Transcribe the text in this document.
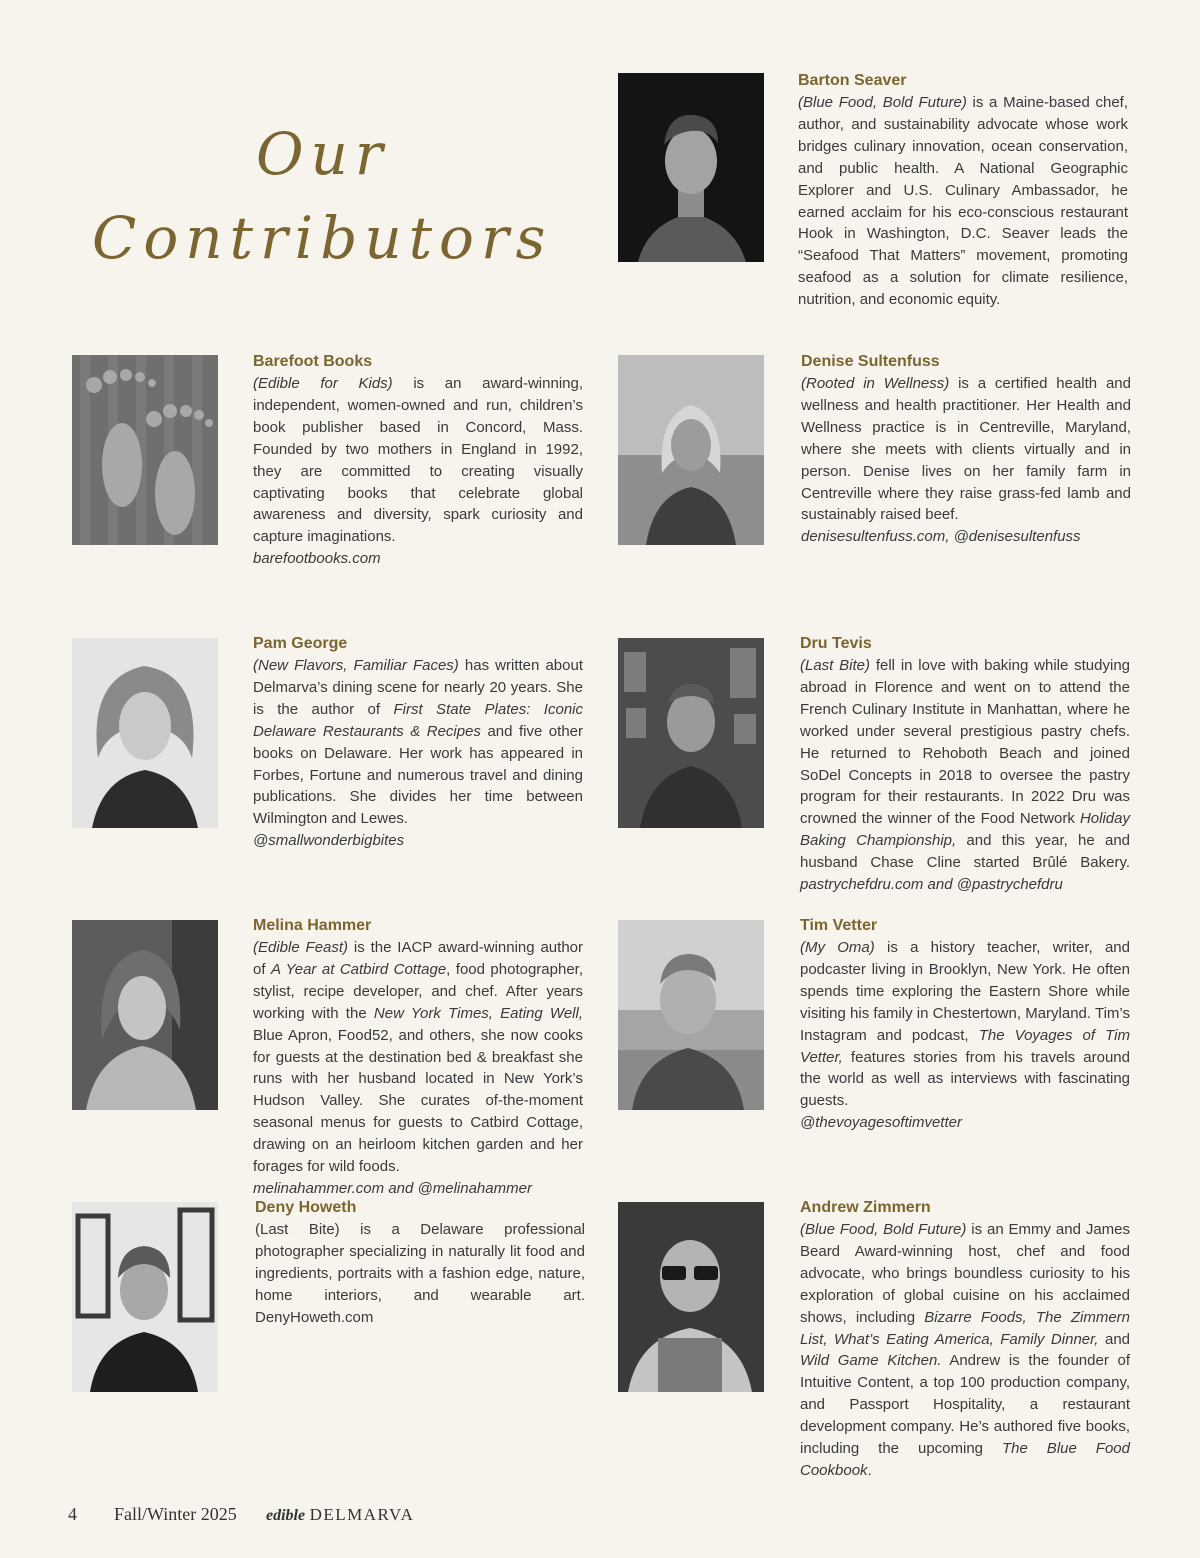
Our
Contributors
Barton Seaver
(Blue Food, Bold Future) is a Maine-based chef, author, and sustainability advocate whose work bridges culinary innovation, ocean conservation, and public health. A National Geographic Explorer and U.S. Culinary Ambassador, he earned acclaim for his eco-conscious restaurant Hook in Washington, D.C. Seaver leads the “Seafood That Matters” movement, promoting seafood as a solution for climate resilience, nutrition, and economic equity.
Barefoot Books
(Edible for Kids) is an award-winning, independent, women-owned and run, children’s book publisher based in Concord, Mass. Founded by two mothers in England in 1992, they are committed to creating visually captivating books that celebrate global awareness and diversity, spark curiosity and capture imaginations.
barefootbooks.com
Denise Sultenfuss
(Rooted in Wellness) is a certified health and wellness and health practitioner. Her Health and Wellness practice is in Centreville, Maryland, where she meets with clients virtually and in person. Denise lives on her family farm in Centreville where they raise grass-fed lamb and sustainably raised beef.
denisesultenfuss.com, @denisesultenfuss
Pam George
(New Flavors, Familiar Faces) has written about Delmarva’s dining scene for nearly 20 years. She is the author of First State Plates: Iconic Delaware Restaurants & Recipes and five other books on Delaware. Her work has appeared in Forbes, Fortune and numerous travel and dining publications. She divides her time between Wilmington and Lewes.
@smallwonderbigbites
Dru Tevis
(Last Bite) fell in love with baking while studying abroad in Florence and went on to attend the French Culinary Institute in Manhattan, where he worked under several prestigious pastry chefs. He returned to Rehoboth Beach and joined SoDel Concepts in 2018 to oversee the pastry program for their restaurants. In 2022 Dru was crowned the winner of the Food Network Holiday Baking Championship, and this year, he and husband Chase Cline started Brûlé Bakery. pastrychefdru.com and @pastrychefdru
Melina Hammer
(Edible Feast) is the IACP award-winning author of A Year at Catbird Cottage, food photographer, stylist, recipe developer, and chef. After years working with the New York Times, Eating Well, Blue Apron, Food52, and others, she now cooks for guests at the destination bed & breakfast she runs with her husband located in New York’s Hudson Valley. She curates of-the-moment seasonal menus for guests to Catbird Cottage, drawing on an heirloom kitchen garden and her forages for wild foods.
melinahammer.com and @melinahammer
Tim Vetter
(My Oma) is a history teacher, writer, and podcaster living in Brooklyn, New York. He often spends time exploring the Eastern Shore while visiting his family in Chestertown, Maryland. Tim’s Instagram and podcast, The Voyages of Tim Vetter, features stories from his travels around the world as well as interviews with fascinating guests.
@thevoyagesoftimvetter
Deny Howeth
(Last Bite) is a Delaware professional photographer specializing in naturally lit food and ingredients, portraits with a fashion edge, nature, home interiors, and wearable art. DenyHoweth.com
Andrew Zimmern
(Blue Food, Bold Future) is an Emmy and James Beard Award-winning host, chef and food advocate, who brings boundless curiosity to his exploration of global cuisine on his acclaimed shows, including Bizarre Foods, The Zimmern List, What’s Eating America, Family Dinner, and Wild Game Kitchen. Andrew is the founder of Intuitive Content, a top 100 production company, and Passport Hospitality, a restaurant development company. He’s authored five books, including the upcoming The Blue Food Cookbook.
4	Fall/Winter 2025	edible DELMARVA
